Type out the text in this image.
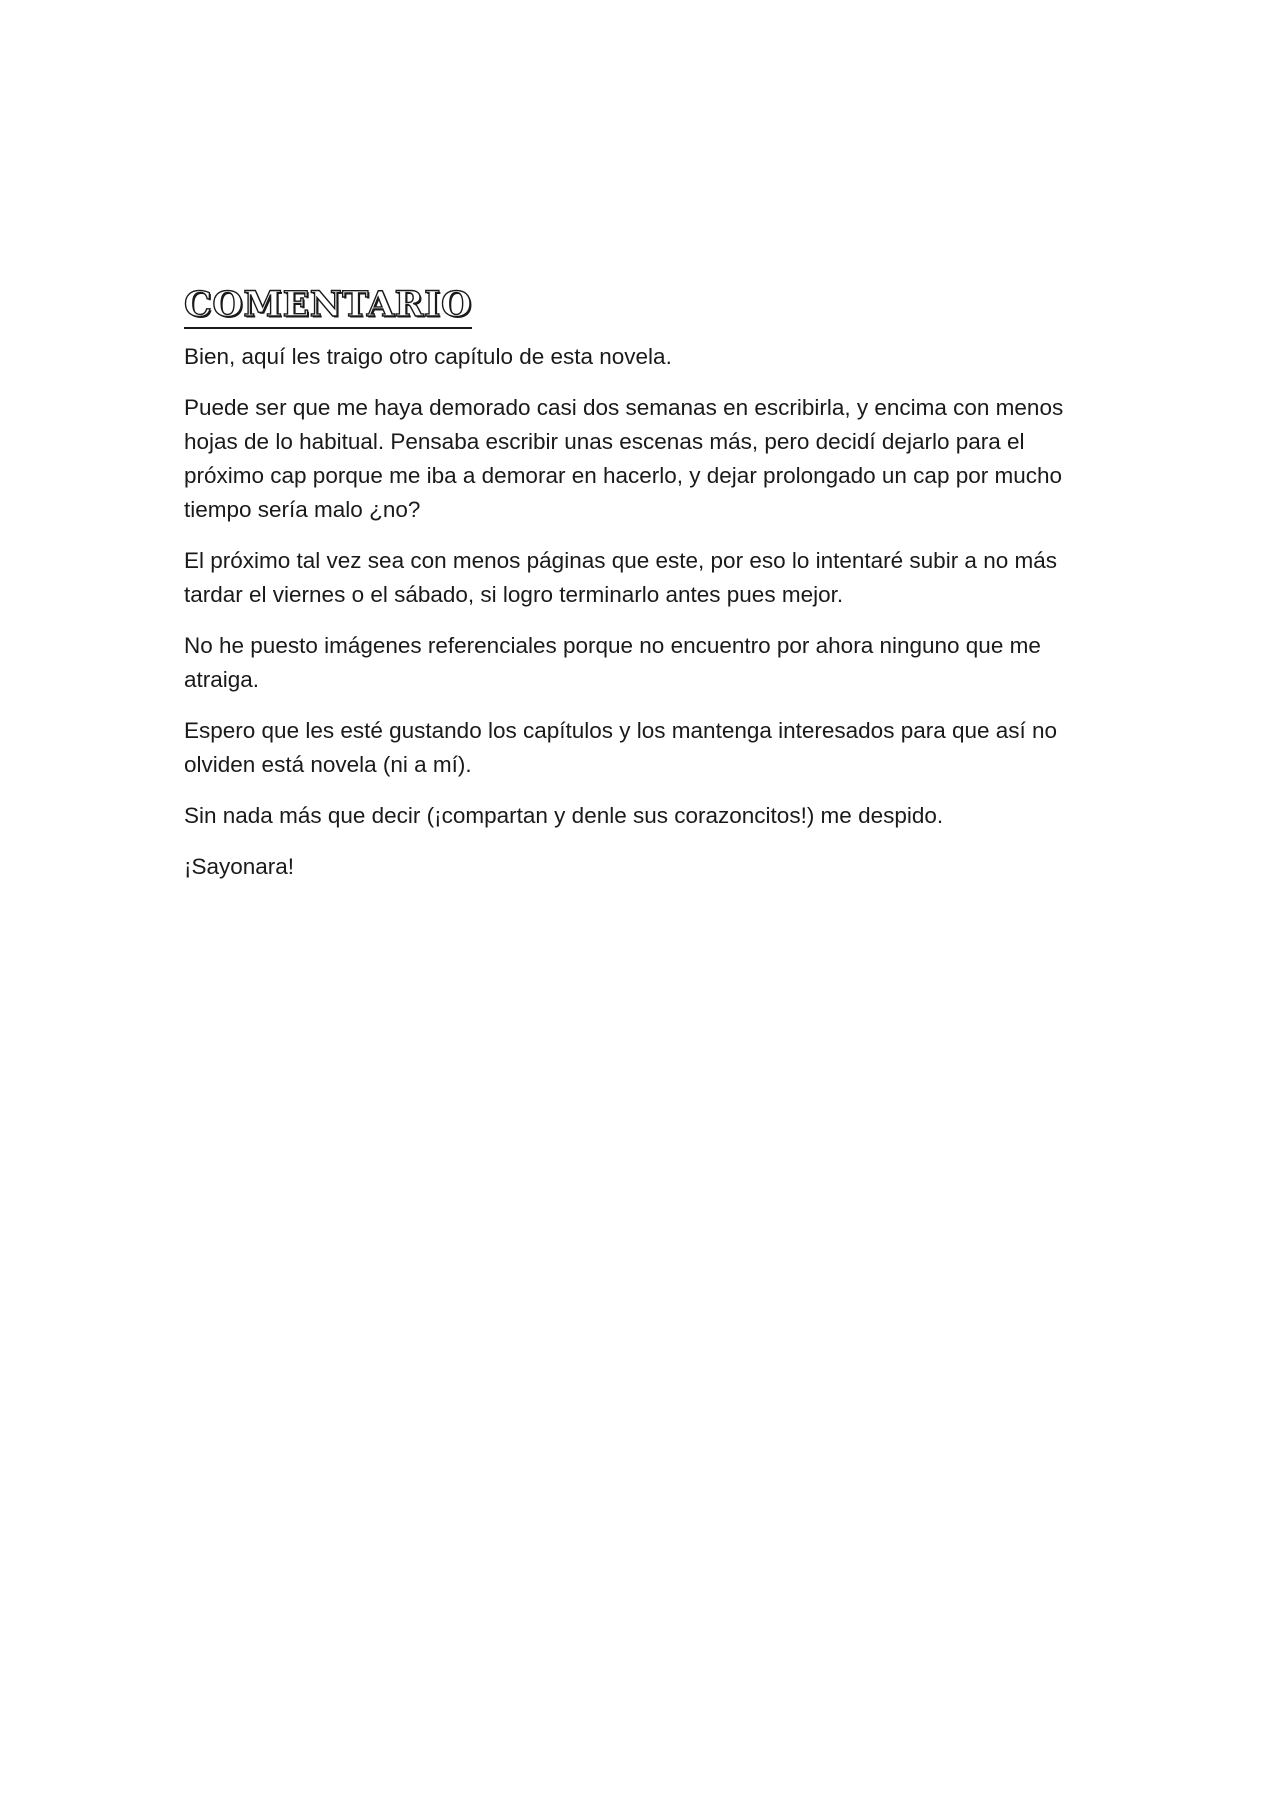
COMENTARIO

Bien, aquí les traigo otro capítulo de esta novela.

Puede ser que me haya demorado casi dos semanas en escribirla, y encima con menos hojas de lo habitual. Pensaba escribir unas escenas más, pero decidí dejarlo para el próximo cap porque me iba a demorar en hacerlo, y dejar prolongado un cap por mucho tiempo sería malo ¿no?

El próximo tal vez sea con menos páginas que este, por eso lo intentaré subir a no más tardar el viernes o el sábado, si logro terminarlo antes pues mejor.

No he puesto imágenes referenciales porque no encuentro por ahora ninguno que me atraiga.

Espero que les esté gustando los capítulos y los mantenga interesados para que así no olviden está novela (ni a mí).

Sin nada más que decir (¡compartan y denle sus corazoncitos!) me despido.

¡Sayonara!
